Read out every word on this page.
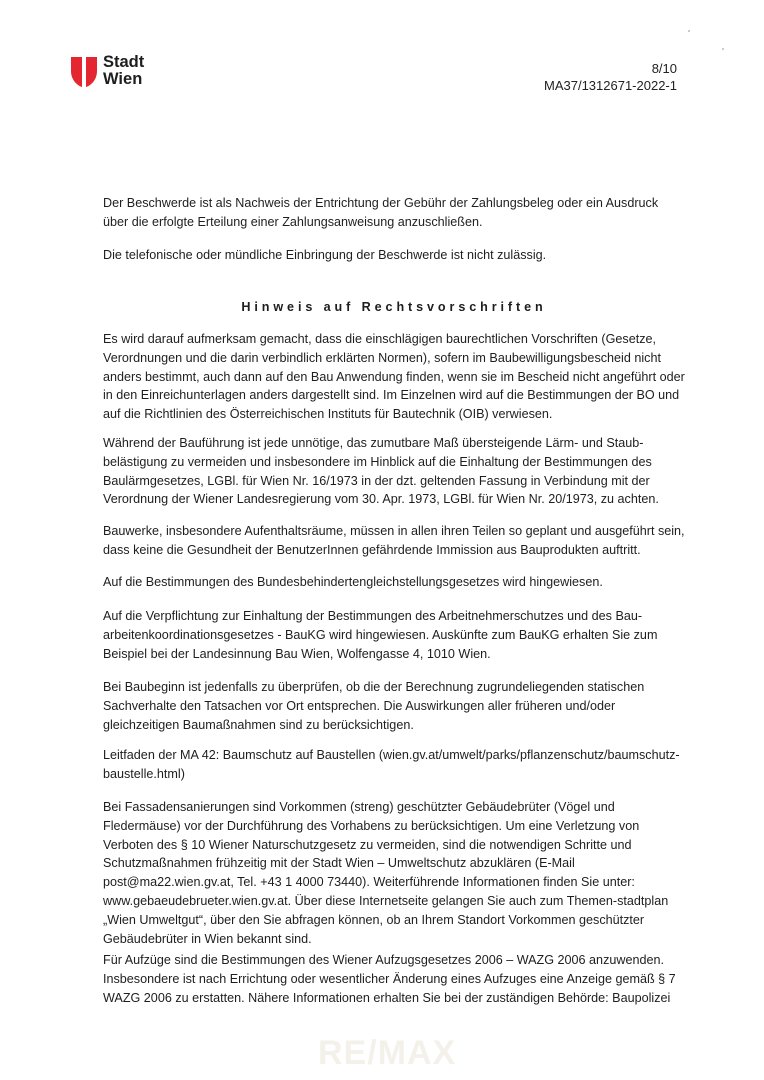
Stadt
Wien
8/10
MA37/1312671-2022-1
Der Beschwerde ist als Nachweis der Entrichtung der Gebühr der Zahlungsbeleg oder ein Ausdruck über die erfolgte Erteilung einer Zahlungsanweisung anzuschließen.
Die telefonische oder mündliche Einbringung der Beschwerde ist nicht zulässig.
Hinweis auf Rechtsvorschriften
Es wird darauf aufmerksam gemacht, dass die einschlägigen baurechtlichen Vorschriften (Gesetze, Verordnungen und die darin verbindlich erklärten Normen), sofern im Baubewilligungsbescheid nicht anders bestimmt, auch dann auf den Bau Anwendung finden, wenn sie im Bescheid nicht angeführt oder in den Einreichunterlagen anders dargestellt sind. Im Einzelnen wird auf die Bestimmungen der BO und auf die Richtlinien des Österreichischen Instituts für Bautechnik (OIB) verwiesen.
Während der Bauführung ist jede unnötige, das zumutbare Maß übersteigende Lärm- und Staub-belästigung zu vermeiden und insbesondere im Hinblick auf die Einhaltung der Bestimmungen des Baulärmgesetzes, LGBl. für Wien Nr. 16/1973 in der dzt. geltenden Fassung in Verbindung mit der Verordnung der Wiener Landesregierung vom 30. Apr. 1973, LGBl. für Wien Nr. 20/1973, zu achten.
Bauwerke, insbesondere Aufenthaltsräume, müssen in allen ihren Teilen so geplant und ausgeführt sein, dass keine die Gesundheit der BenutzerInnen gefährdende Immission aus Bauprodukten auftritt.
Auf die Bestimmungen des Bundesbehindertengleichstellungsgesetzes wird hingewiesen.
Auf die Verpflichtung zur Einhaltung der Bestimmungen des Arbeitnehmerschutzes und des Bau-arbeitenkoordinationsgesetzes - BauKG wird hingewiesen. Auskünfte zum BauKG erhalten Sie zum Beispiel bei der Landesinnung Bau Wien, Wolfengasse 4, 1010 Wien.
Bei Baubeginn ist jedenfalls zu überprüfen, ob die der Berechnung zugrundeliegenden statischen Sachverhalte den Tatsachen vor Ort entsprechen. Die Auswirkungen aller früheren und/oder gleichzeitigen Baumaßnahmen sind zu berücksichtigen.
Leitfaden der MA 42: Baumschutz auf Baustellen (wien.gv.at/umwelt/parks/pflanzenschutz/baumschutz-baustelle.html)
Bei Fassadensanierungen sind Vorkommen (streng) geschützter Gebäudebrüter (Vögel und Fledermäuse) vor der Durchführung des Vorhabens zu berücksichtigen. Um eine Verletzung von Verboten des § 10 Wiener Naturschutzgesetz zu vermeiden, sind die notwendigen Schritte und Schutzmaßnahmen frühzeitig mit der Stadt Wien – Umweltschutz abzuklären (E-Mail post@ma22.wien.gv.at, Tel. +43 1 4000 73440). Weiterführende Informationen finden Sie unter: www.gebaeudebrueter.wien.gv.at. Über diese Internetseite gelangen Sie auch zum Themen-stadtplan „Wien Umweltgut“, über den Sie abfragen können, ob an Ihrem Standort Vorkommen geschützter Gebäudebrüter in Wien bekannt sind.
Für Aufzüge sind die Bestimmungen des Wiener Aufzugsgesetzes 2006 – WAZG 2006 anzuwenden. Insbesondere ist nach Errichtung oder wesentlicher Änderung eines Aufzuges eine Anzeige gemäß § 7 WAZG 2006 zu erstatten. Nähere Informationen erhalten Sie bei der zuständigen Behörde: Baupolizei
RE/MAX
